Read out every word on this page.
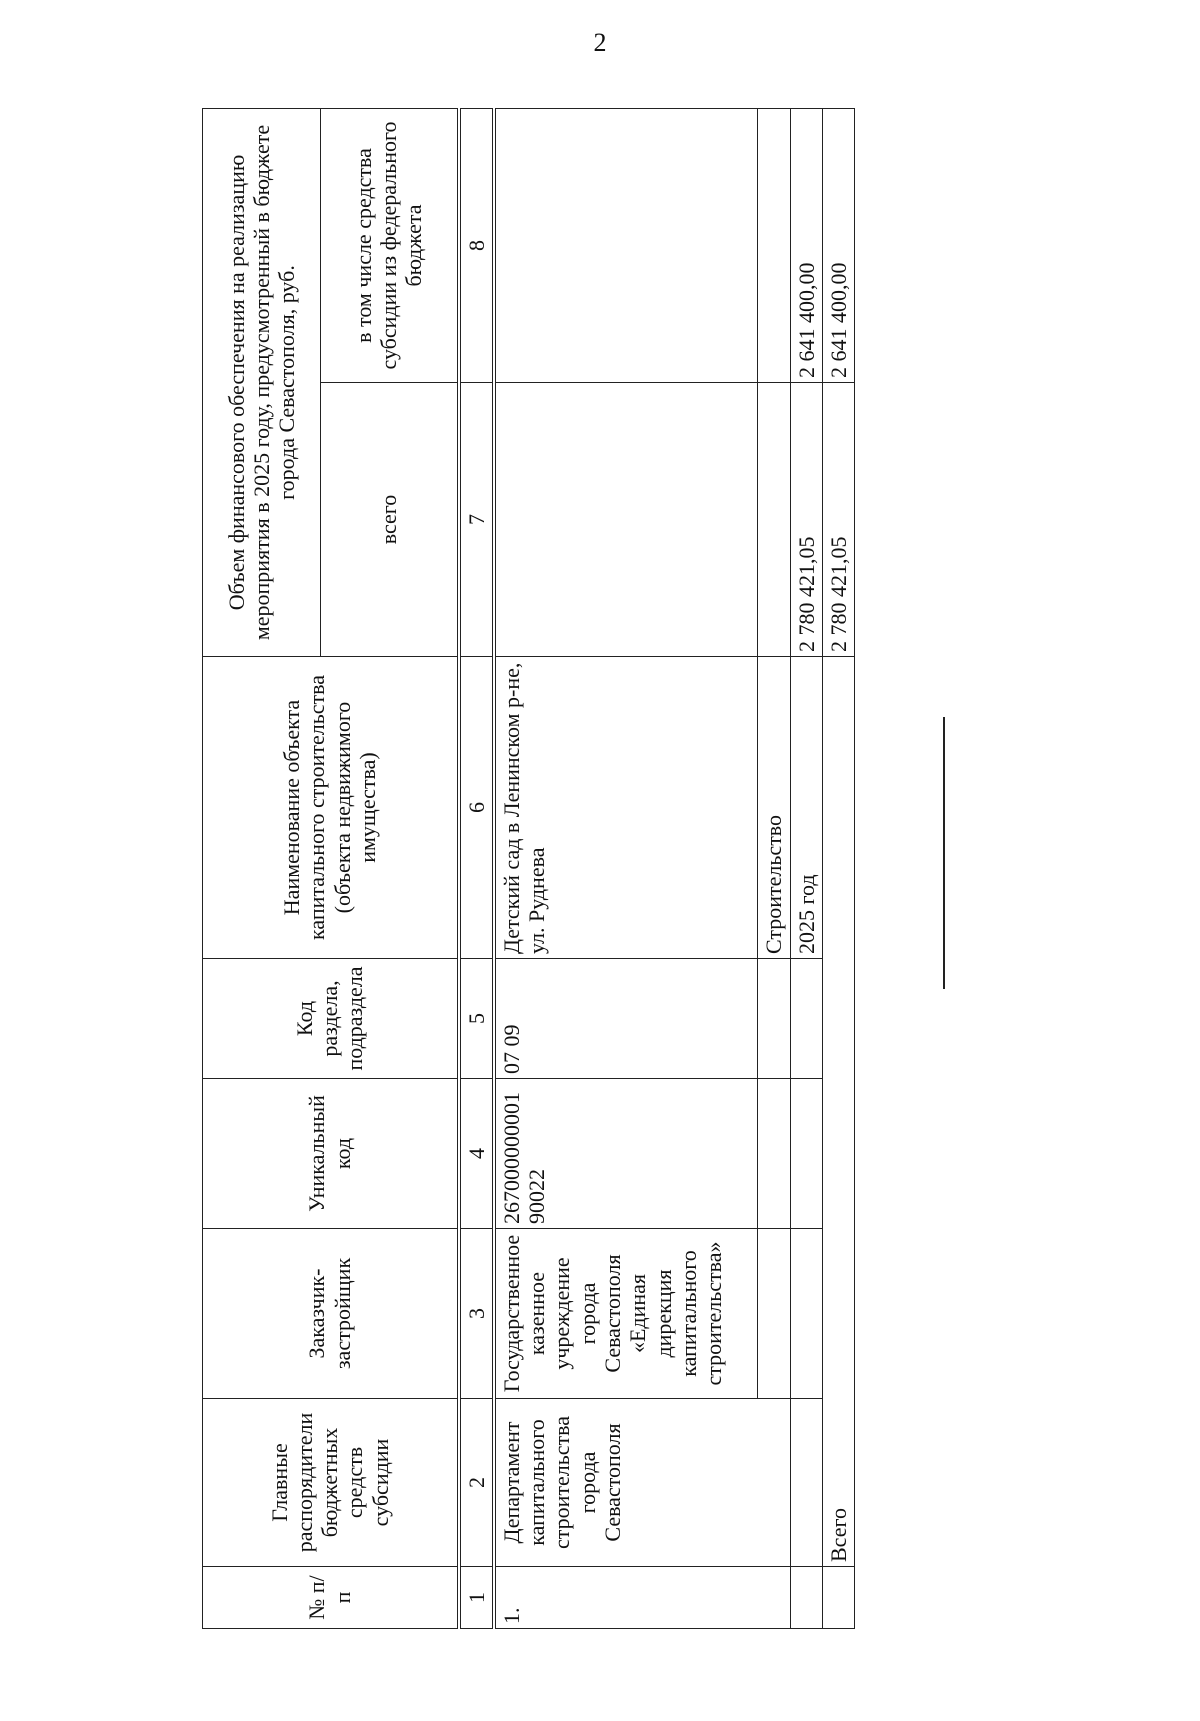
2
№ п/п	Главные распорядители бюджетных средств субсидии	Заказчик-застройщик	Уникальный код	Код раздела, подраздела	Наименование объекта капитального строительства (объекта недвижимого имущества)	Объем финансового обеспечения на реализацию мероприятия в 2025 году, предусмотренный в бюджете города Севастополя, руб.	
						всего	в том числе средства субсидии из федерального бюджета
1	2	3	4	5	6	7	8
1.	Департамент капитального строительства города Севастополя	Государственное казенное учреждение города Севастополя «Единая дирекция капитального строительства»	26700000000190022	07 09	Детский сад в Ленинском р-не, ул. Руднева		
					Строительство		
					2025 год	2 780 421,05	2 641 400,00
	Всего					2 780 421,05	2 641 400,00
